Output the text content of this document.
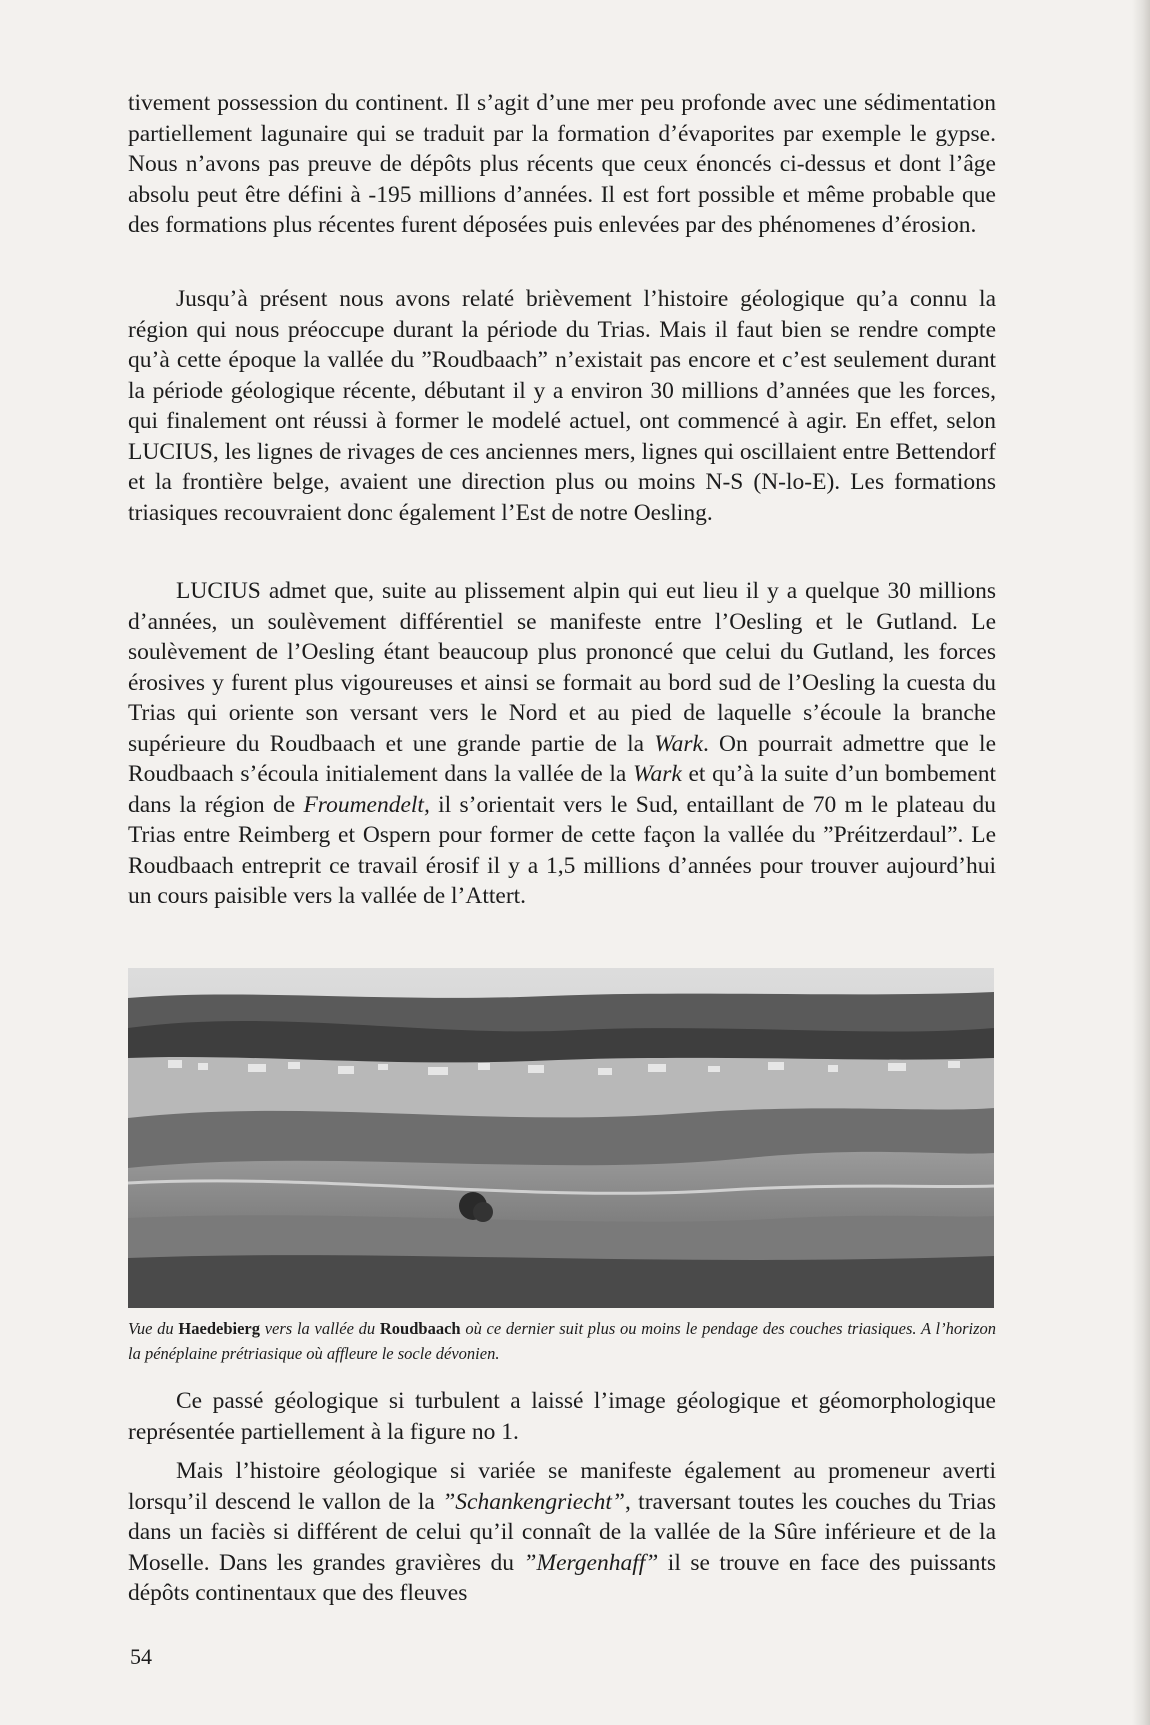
tivement possession du continent. Il s’agit d’une mer peu profonde avec une sédimentation partiellement lagunaire qui se traduit par la formation d’évaporites par exemple le gypse. Nous n’avons pas preuve de dépôts plus récents que ceux énoncés ci-dessus et dont l’âge absolu peut être défini à -195 millions d’années. Il est fort possible et même probable que des formations plus récentes furent déposées puis enlevées par des phénomenes d’érosion.

Jusqu’à présent nous avons relaté brièvement l’histoire géologique qu’a connu la région qui nous préoccupe durant la période du Trias. Mais il faut bien se rendre compte qu’à cette époque la vallée du ”Roudbaach” n’existait pas encore et c’est seulement durant la période géologique récente, débutant il y a environ 30 millions d’années que les forces, qui finalement ont réussi à former le modelé actuel, ont commencé à agir. En effet, selon LUCIUS, les lignes de rivages de ces anciennes mers, lignes qui oscillaient entre Bettendorf et la frontière belge, avaient une direction plus ou moins N-S (N-lo-E). Les formations triasiques recouvraient donc également l’Est de notre Oesling.

LUCIUS admet que, suite au plissement alpin qui eut lieu il y a quelque 30 millions d’années, un soulèvement différentiel se manifeste entre l’Oesling et le Gutland. Le soulèvement de l’Oesling étant beaucoup plus prononcé que celui du Gutland, les forces érosives y furent plus vigoureuses et ainsi se formait au bord sud de l’Oesling la cuesta du Trias qui oriente son versant vers le Nord et au pied de laquelle s’écoule la branche supérieure du Roudbaach et une grande partie de la Wark. On pourrait admettre que le Roudbaach s’écoula initialement dans la vallée de la Wark et qu’à la suite d’un bombement dans la région de Froumendelt, il s’orientait vers le Sud, entaillant de 70 m le plateau du Trias entre Reimberg et Ospern pour former de cette façon la vallée du ”Préitzerdaul”. Le Roudbaach entreprit ce travail érosif il y a 1,5 millions d’années pour trouver aujourd’hui un cours paisible vers la vallée de l’Attert.

Vue du Haedebierg vers la vallée du Roudbaach où ce dernier suit plus ou moins le pendage des couches triasiques. A l’horizon la pénéplaine prétriasique où affleure le socle dévonien.

Ce passé géologique si turbulent a laissé l’image géologique et géomorphologique représentée partiellement à la figure no 1.

Mais l’histoire géologique si variée se manifeste également au promeneur averti lorsqu’il descend le vallon de la ”Schankengriecht”, traversant toutes les couches du Trias dans un faciès si différent de celui qu’il connaît de la vallée de la Sûre inférieure et de la Moselle. Dans les grandes gravières du ”Mergenhaff” il se trouve en face des puissants dépôts continentaux que des fleuves

54
